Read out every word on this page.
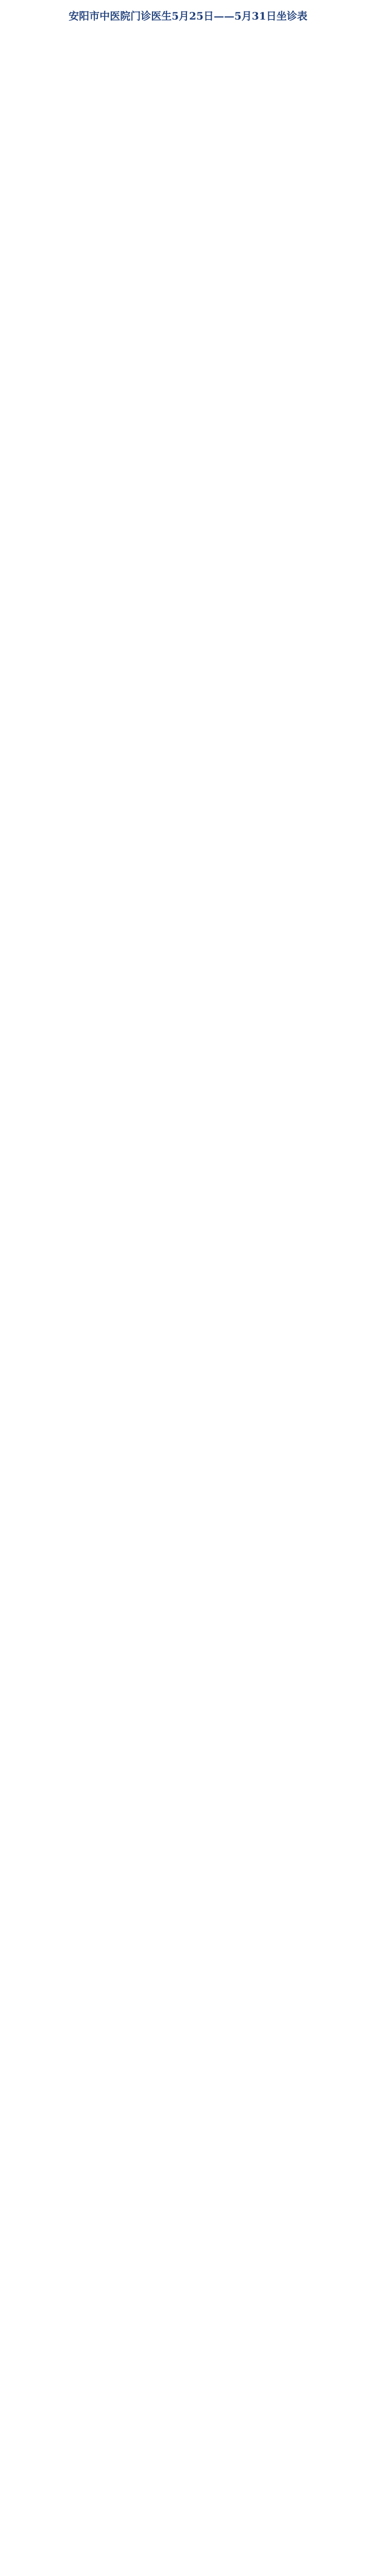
安阳市中医院门诊医生5月25日——5月31日坐诊表
